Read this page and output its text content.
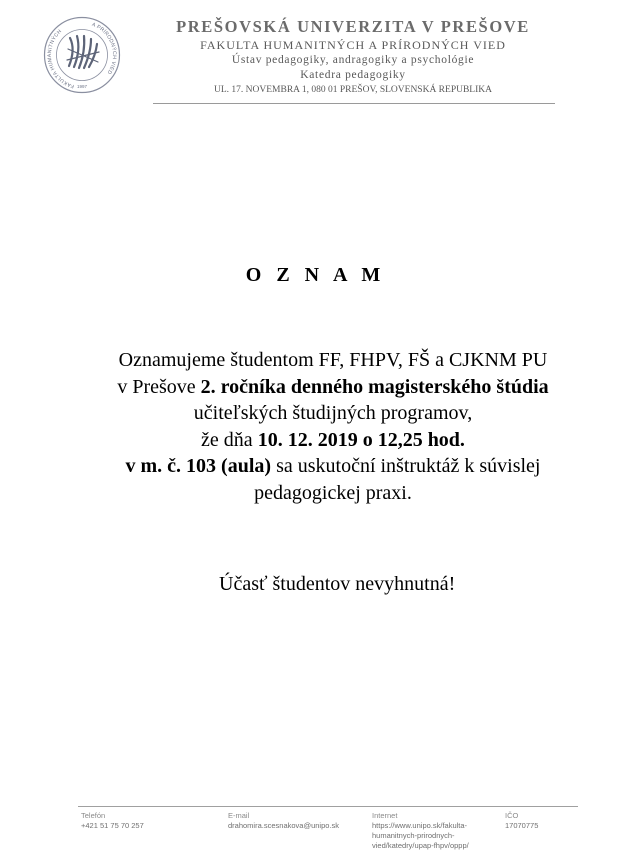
FAKULTA HUMANITNÝCH
A PRÍRODNÝCH VIED
1997
PREŠOVSKÁ UNIVERZITA V PREŠOVE
FAKULTA HUMANITNÝCH A PRÍRODNÝCH VIED
Ústav pedagogiky, andragogiky a psychológie
Katedra pedagogiky
UL. 17. NOVEMBRA 1, 080 01 PREŠOV, SLOVENSKÁ REPUBLIKA
O Z N A M
Oznamujeme študentom FF, FHPV, FŠ a CJKNM PU
v Prešove 2. ročníka denného magisterského štúdia
učiteľských študijných programov,
že dňa 10. 12. 2019 o 12,25 hod.
v m. č. 103 (aula) sa uskutoční inštruktáž k súvislej
pedagogickej praxi.
Účasť študentov nevyhnutná!
Telefón
+421 51 75 70 257
E-mail
drahomira.scesnakova@unipo.sk
Internet
https://www.unipo.sk/fakulta-
humanitnych-prirodnych-
vied/katedry/upap-fhpv/oppp/
IČO
17070775
